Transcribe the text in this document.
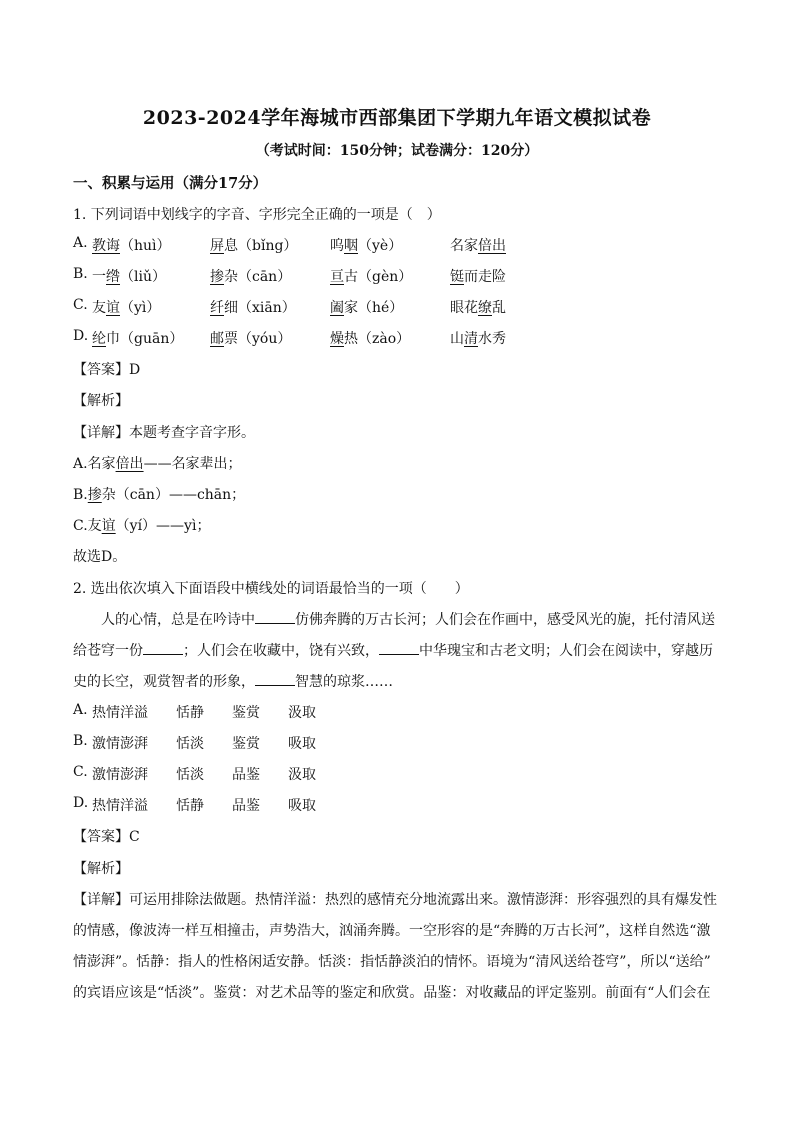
2023-2024学年海城市西部集团下学期九年语文模拟试卷
（考试时间：150分钟；试卷满分：120分）
一、积累与运用（满分17分）
1. 下列词语中划线字的字音、字形完全正确的一项是（　）
A. 教诲（huì）	屏息（bǐng） 呜咽（yè）	名家倍出
B. 一绺（liǔ）	掺杂（cān）	亘古（gèn）	铤而走险
C. 友谊（yì）	纤细（xiān） 阖家（hé）	眼花缭乱
D. 纶巾（guān） 邮票（yóu）	燥热（zào）	山清水秀
【答案】D
【解析】
【详解】本题考查字音字形。
A.名家倍出——名家辈出；
B.掺杂（cān）——chān；
C.友谊（yí）——yì；
故选D。
2. 选出依次填入下面语段中横线处的词语最恰当的一项（　　）
人的心情，总是在吟诗中	仿佛奔腾的万古长河；人们会在作画中，感受风光的旎，托付清风送
给苍穹一份	；人们会在收藏中，饶有兴致，	中华瑰宝和古老文明；人们会在阅读中，穿越历
史的长空，观赏智者的形象，	智慧的琼浆……
A. 热情洋溢 恬静 鉴赏 汲取
B. 激情澎湃 恬淡 鉴赏 吸取
C. 激情澎湃 恬淡 品鉴 汲取
D. 热情洋溢 恬静 品鉴 吸取
【答案】C
【解析】
【详解】可运用排除法做题。热情洋溢：热烈的感情充分地流露出来。激情澎湃：形容强烈的具有爆发性
的情感，像波涛一样互相撞击，声势浩大，汹涌奔腾。一空形容的是“奔腾的万古长河”，这样自然选“激
情澎湃”。恬静：指人的性格闲适安静。恬淡：指恬静淡泊的情怀。语境为“清风送给苍穹”，所以“送给”
的宾语应该是“恬淡”。鉴赏：对艺术品等的鉴定和欣赏。品鉴：对收藏品的评定鉴别。前面有“人们会在
